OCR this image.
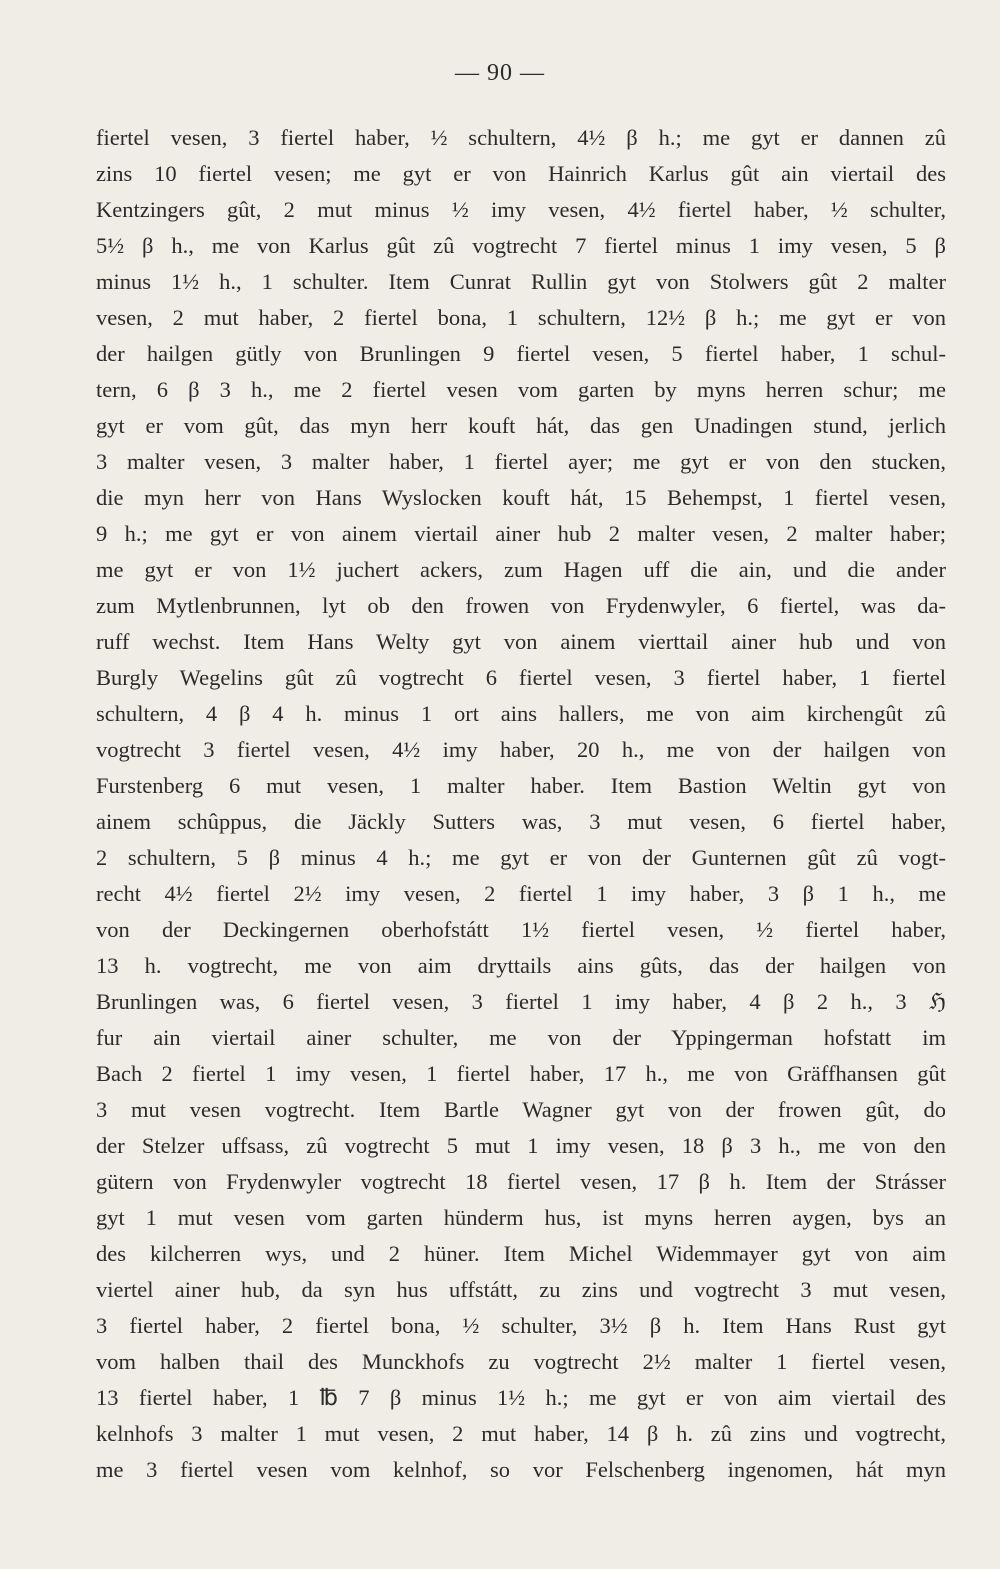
— 90 —
fiertel vesen, 3 fiertel haber, ½ schultern, 4½ β h.; me gyt er dannen zû
zins 10 fiertel vesen; me gyt er von Hainrich Karlus gût ain viertail des
Kentzingers gût, 2 mut minus ½ imy vesen, 4½ fiertel haber, ½ schulter,
5½ β h., me von Karlus gût zû vogtrecht 7 fiertel minus 1 imy vesen, 5 β
minus 1½ h., 1 schulter. Item Cunrat Rullin gyt von Stolwers gût 2 malter
vesen, 2 mut haber, 2 fiertel bona, 1 schultern, 12½ β h.; me gyt er von
der hailgen gütly von Brunlingen 9 fiertel vesen, 5 fiertel haber, 1 schul-
tern, 6 β 3 h., me 2 fiertel vesen vom garten by myns herren schur; me
gyt er vom gût, das myn herr kouft hát, das gen Unadingen stund, jerlich
3 malter vesen, 3 malter haber, 1 fiertel ayer; me gyt er von den stucken,
die myn herr von Hans Wyslocken kouft hát, 15 Behempst, 1 fiertel vesen,
9 h.; me gyt er von ainem viertail ainer hub 2 malter vesen, 2 malter haber;
me gyt er von 1½ juchert ackers, zum Hagen uff die ain, und die ander
zum Mytlenbrunnen, lyt ob den frowen von Frydenwyler, 6 fiertel, was da-
ruff wechst. Item Hans Welty gyt von ainem vierttail ainer hub und von
Burgly Wegelins gût zû vogtrecht 6 fiertel vesen, 3 fiertel haber, 1 fiertel
schultern, 4 β 4 h. minus 1 ort ains hallers, me von aim kirchengût zû
vogtrecht 3 fiertel vesen, 4½ imy haber, 20 h., me von der hailgen von
Furstenberg 6 mut vesen, 1 malter haber. Item Bastion Weltin gyt von
ainem schûppus, die Jäckly Sutters was, 3 mut vesen, 6 fiertel haber,
2 schultern, 5 β minus 4 h.; me gyt er von der Gunternen gût zû vogt-
recht 4½ fiertel 2½ imy vesen, 2 fiertel 1 imy haber, 3 β 1 h., me
von der Deckingernen oberhofstátt 1½ fiertel vesen, ½ fiertel haber,
13 h. vogtrecht, me von aim dryttails ains gûts, das der hailgen von
Brunlingen was, 6 fiertel vesen, 3 fiertel 1 imy haber, 4 β 2 h., 3 ℌ
fur ain viertail ainer schulter, me von der Yppingerman hofstatt im
Bach 2 fiertel 1 imy vesen, 1 fiertel haber, 17 h., me von Gräffhansen gût
3 mut vesen vogtrecht. Item Bartle Wagner gyt von der frowen gût, do
der Stelzer uffsass, zû vogtrecht 5 mut 1 imy vesen, 18 β 3 h., me von den
gütern von Frydenwyler vogtrecht 18 fiertel vesen, 17 β h. Item der Strásser
gyt 1 mut vesen vom garten hünderm hus, ist myns herren aygen, bys an
des kilcherren wys, und 2 hüner. Item Michel Widemmayer gyt von aim
viertel ainer hub, da syn hus uffstátt, zu zins und vogtrecht 3 mut vesen,
3 fiertel haber, 2 fiertel bona, ½ schulter, 3½ β h. Item Hans Rust gyt
vom halben thail des Munckhofs zu vogtrecht 2½ malter 1 fiertel vesen,
13 fiertel haber, 1 ℔ 7 β minus 1½ h.; me gyt er von aim viertail des
kelnhofs 3 malter 1 mut vesen, 2 mut haber, 14 β h. zû zins und vogtrecht,
me 3 fiertel vesen vom kelnhof, so vor Felschenberg ingenomen, hát myn
